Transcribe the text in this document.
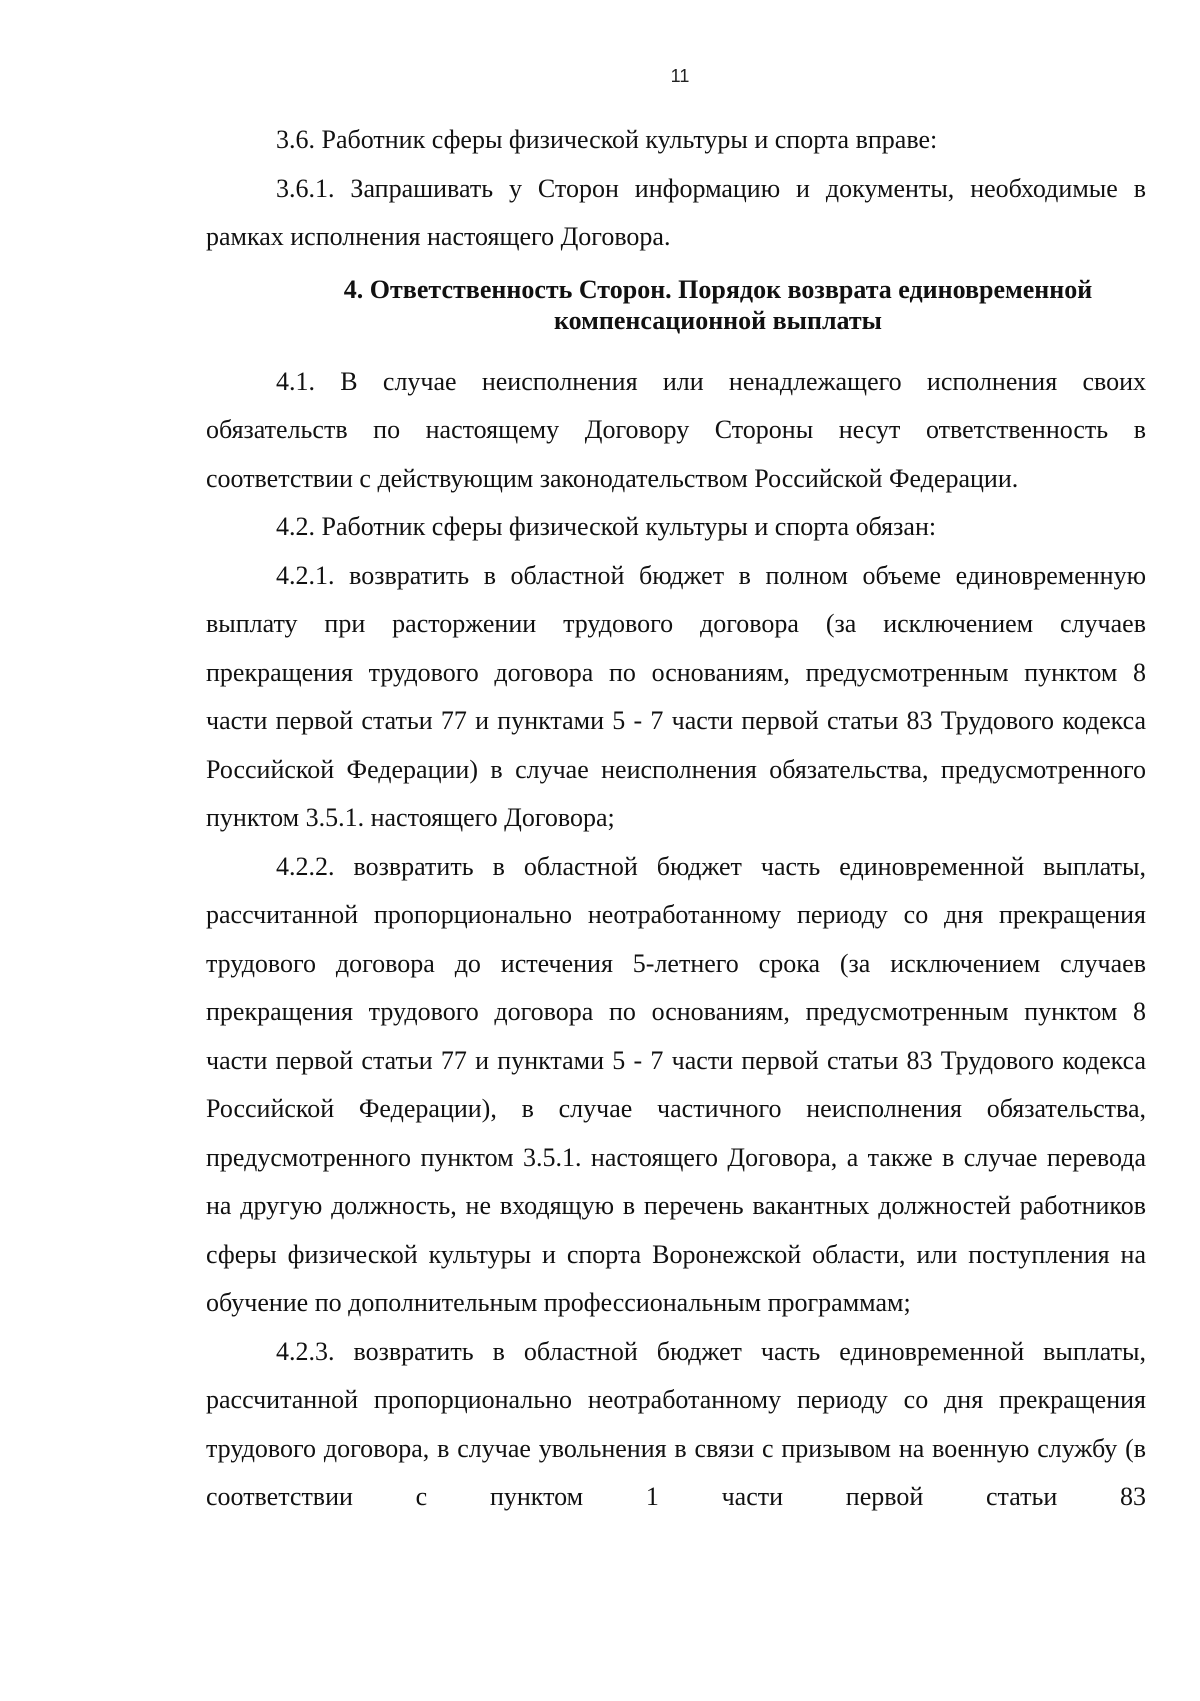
11

3.6. Работник сферы физической культуры и спорта вправе:

3.6.1. Запрашивать у Сторон информацию и документы, необходимые в рамках исполнения настоящего Договора.

4. Ответственность Сторон. Порядок возврата единовременной компенсационной выплаты

4.1. В случае неисполнения или ненадлежащего исполнения своих обязательств по настоящему Договору Стороны несут ответственность в соответствии с действующим законодательством Российской Федерации.

4.2. Работник сферы физической культуры и спорта обязан:

4.2.1. возвратить в областной бюджет в полном объеме единовременную выплату при расторжении трудового договора (за исключением случаев прекращения трудового договора по основаниям, предусмотренным пунктом 8 части первой статьи 77 и пунктами 5 - 7 части первой статьи 83 Трудового кодекса Российской Федерации) в случае неисполнения обязательства, предусмотренного пунктом 3.5.1. настоящего Договора;

4.2.2. возвратить в областной бюджет часть единовременной выплаты, рассчитанной пропорционально неотработанному периоду со дня прекращения трудового договора до истечения 5-летнего срока (за исключением случаев прекращения трудового договора по основаниям, предусмотренным пунктом 8 части первой статьи 77 и пунктами 5 - 7 части первой статьи 83 Трудового кодекса Российской Федерации), в случае частичного неисполнения обязательства, предусмотренного пунктом 3.5.1. настоящего Договора, а также в случае перевода на другую должность, не входящую в перечень вакантных должностей работников сферы физической культуры и спорта Воронежской области, или поступления на обучение по дополнительным профессиональным программам;

4.2.3. возвратить в областной бюджет часть единовременной выплаты, рассчитанной пропорционально неотработанному периоду со дня прекращения трудового договора, в случае увольнения в связи с призывом на военную службу (в соответствии с пунктом 1 части первой статьи 83
